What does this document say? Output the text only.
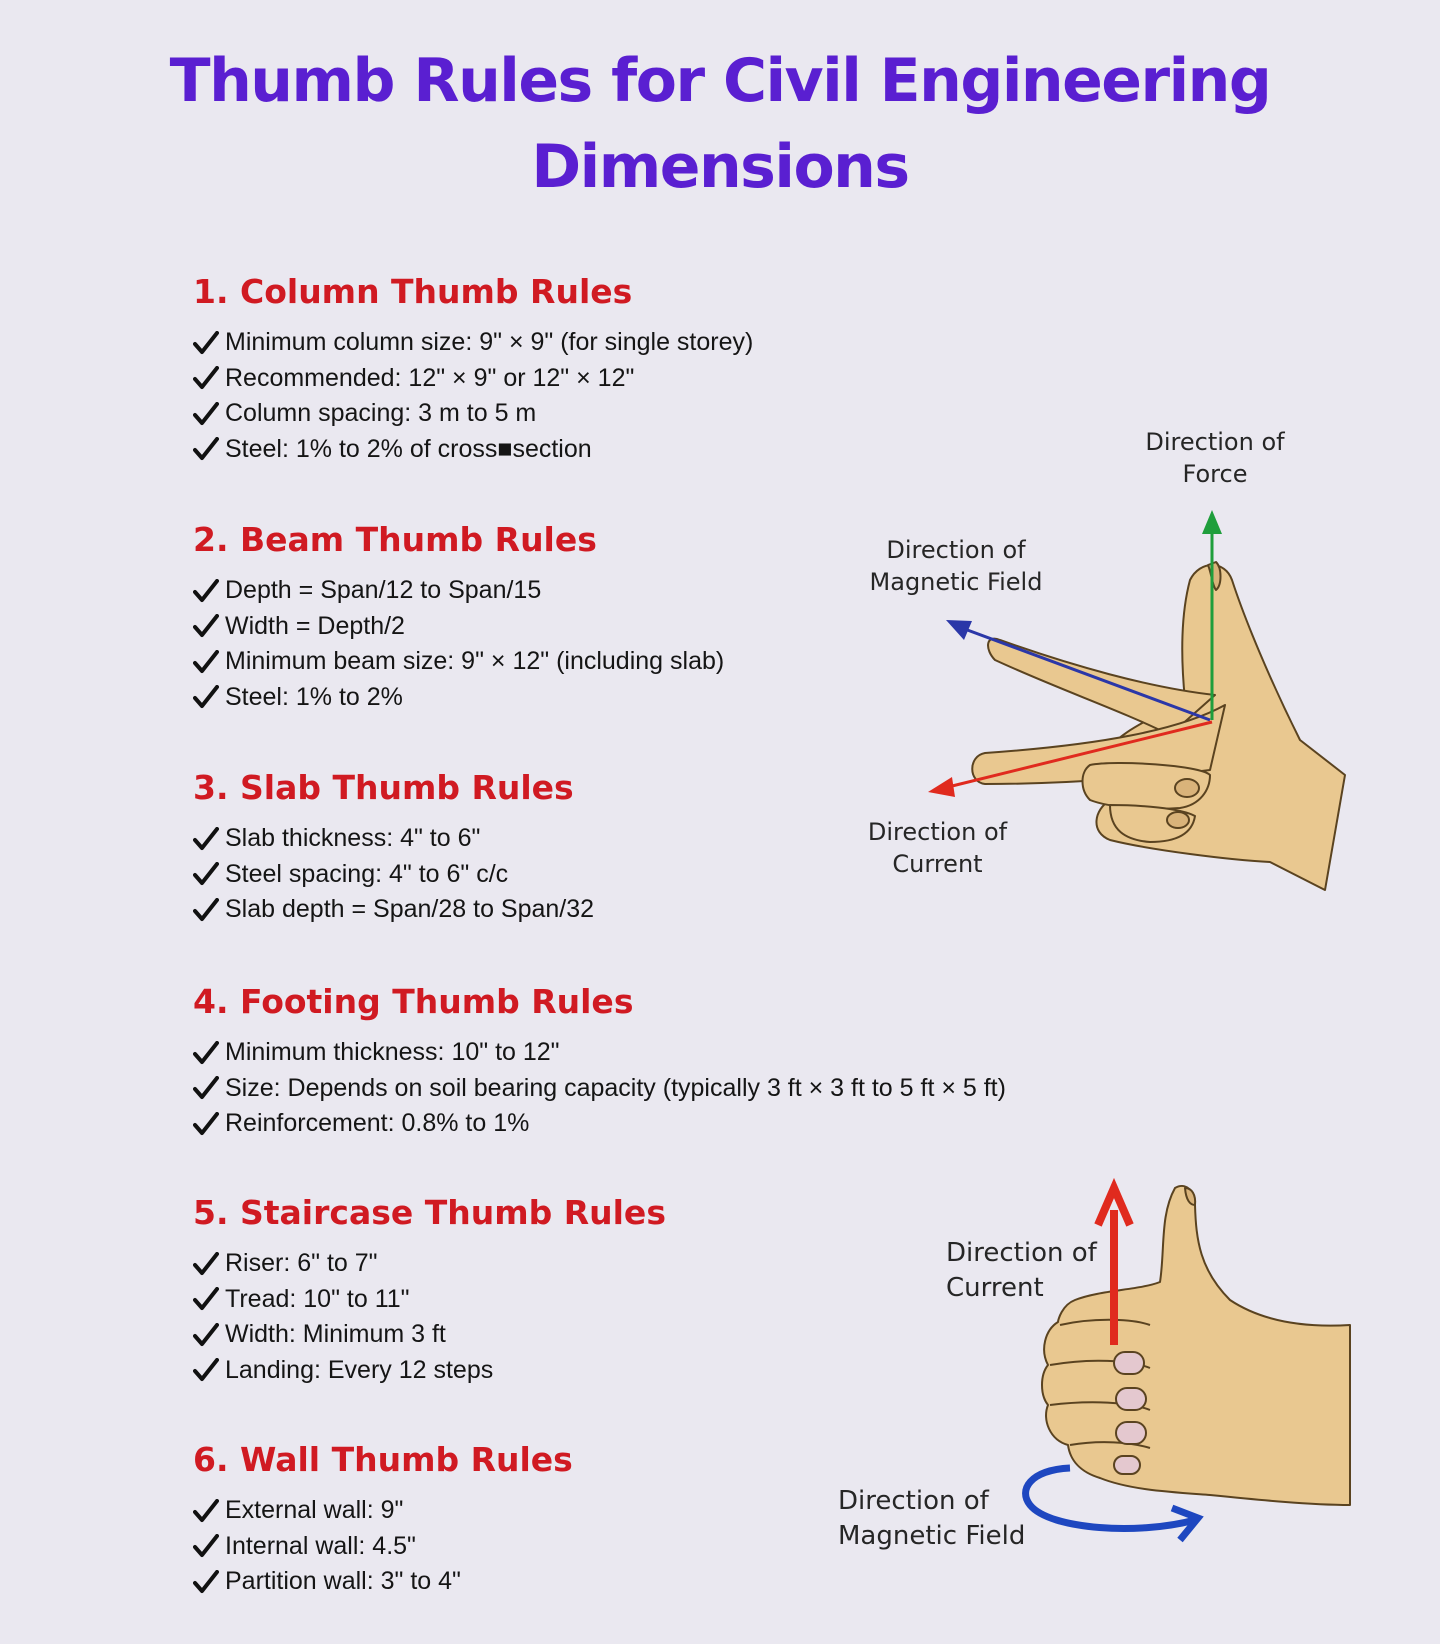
Thumb Rules for Civil Engineering
Dimensions
1. Column Thumb Rules
Minimum column size: 9" × 9" (for single storey)
Recommended: 12" × 9" or 12" × 12"
Column spacing: 3 m to 5 m
Steel: 1% to 2% of cross■section
2. Beam Thumb Rules
Depth = Span/12 to Span/15
Width = Depth/2
Minimum beam size: 9" × 12" (including slab)
Steel: 1% to 2%
3. Slab Thumb Rules
Slab thickness: 4" to 6"
Steel spacing: 4" to 6" c/c
Slab depth = Span/28 to Span/32
4. Footing Thumb Rules
Minimum thickness: 10" to 12"
Size: Depends on soil bearing capacity (typically 3 ft × 3 ft to 5 ft × 5 ft)
Reinforcement: 0.8% to 1%
5. Staircase Thumb Rules
Riser: 6" to 7"
Tread: 10" to 11"
Width: Minimum 3 ft
Landing: Every 12 steps
6. Wall Thumb Rules
External wall: 9"
Internal wall: 4.5"
Partition wall: 3" to 4"
Direction of
Force
Direction of
Magnetic Field
Direction of
Current
Direction of
Current
Direction of
Magnetic Field
